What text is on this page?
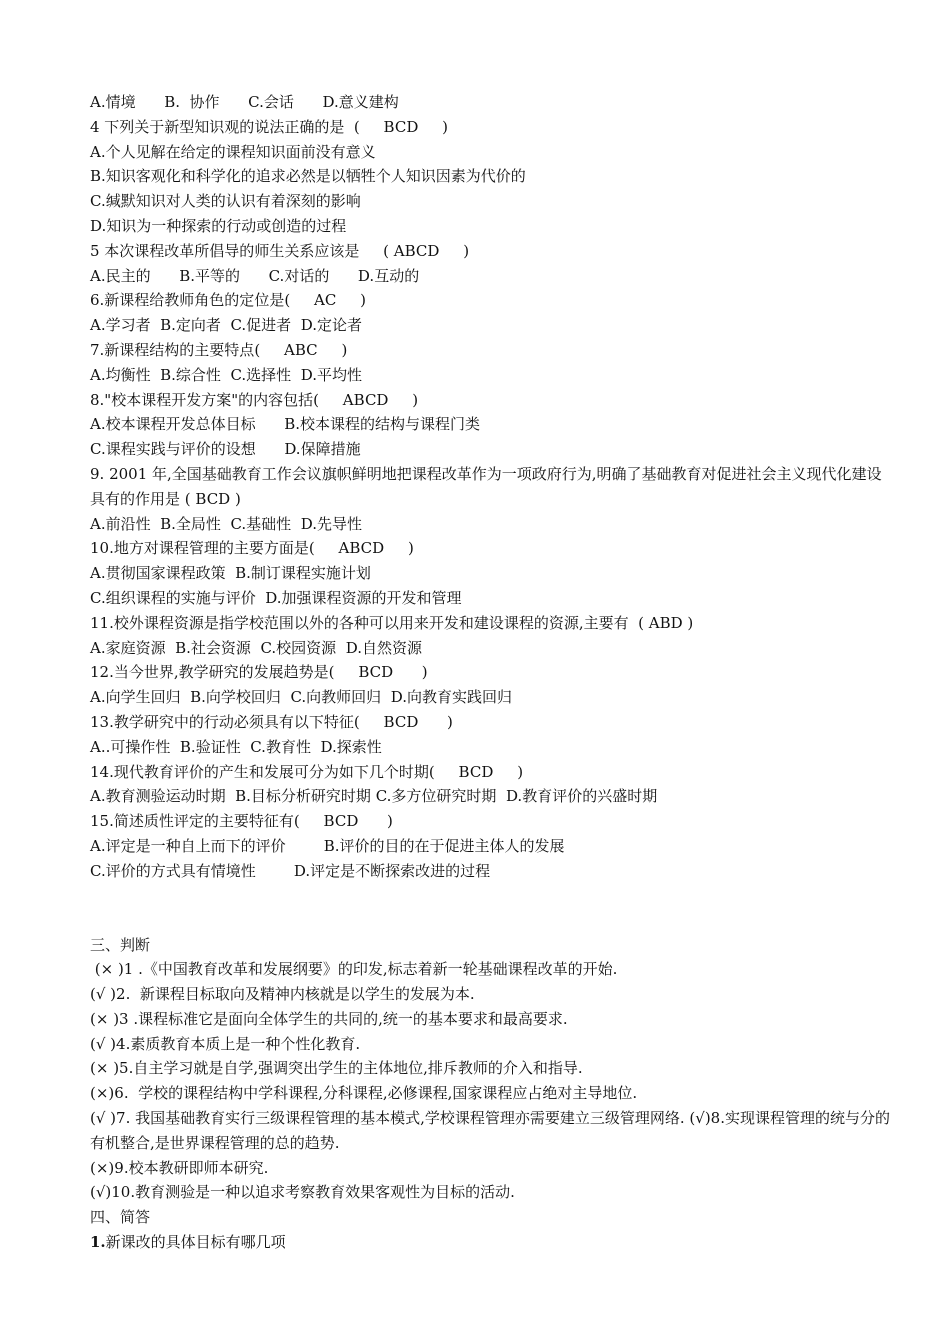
A.情境      B.  协作      C.会话      D.意义建构

4 下列关于新型知识观的说法正确的是  (     BCD     )

A.个人见解在给定的课程知识面前没有意义

B.知识客观化和科学化的追求必然是以牺牲个人知识因素为代价的

C.缄默知识对人类的认识有着深刻的影响

D.知识为一种探索的行动或创造的过程

5 本次课程改革所倡导的师生关系应该是     ( ABCD     )

A.民主的      B.平等的      C.对话的      D.互动的

6.新课程给教师角色的定位是(     AC     )

A.学习者  B.定向者  C.促进者  D.定论者

7.新课程结构的主要特点(     ABC     )

A.均衡性  B.综合性  C.选择性  D.平均性

8."校本课程开发方案"的内容包括(     ABCD     )

A.校本课程开发总体目标      B.校本课程的结构与课程门类

C.课程实践与评价的设想      D.保障措施

9. 2001 年,全国基础教育工作会议旗帜鲜明地把课程改革作为一项政府行为,明确了基础教育对促进社会主义现代化建设具有的作用是 ( BCD )

A.前沿性  B.全局性  C.基础性  D.先导性

10.地方对课程管理的主要方面是(     ABCD     )

A.贯彻国家课程政策  B.制订课程实施计划

C.组织课程的实施与评价  D.加强课程资源的开发和管理

11.校外课程资源是指学校范围以外的各种可以用来开发和建设课程的资源,主要有  ( ABD )

A.家庭资源  B.社会资源  C.校园资源  D.自然资源

12.当今世界,教学研究的发展趋势是(     BCD      )

A.向学生回归  B.向学校回归  C.向教师回归  D.向教育实践回归

13.教学研究中的行动必须具有以下特征(     BCD      )

A..可操作性  B.验证性  C.教育性  D.探索性

14.现代教育评价的产生和发展可分为如下几个时期(     BCD     )

A.教育测验运动时期  B.目标分析研究时期 C.多方位研究时期  D.教育评价的兴盛时期

15.简述质性评定的主要特征有(     BCD      )

A.评定是一种自上而下的评价        B.评价的目的在于促进主体人的发展

C.评价的方式具有情境性        D.评定是不断探索改进的过程

三、判断

(× )1 .《中国教育改革和发展纲要》的印发,标志着新一轮基础课程改革的开始.

(√ )2.  新课程目标取向及精神内核就是以学生的发展为本.

(× )3 .课程标准它是面向全体学生的共同的,统一的基本要求和最高要求.

(√ )4.素质教育本质上是一种个性化教育.

(× )5.自主学习就是自学,强调突出学生的主体地位,排斥教师的介入和指导.

(×)6.  学校的课程结构中学科课程,分科课程,必修课程,国家课程应占绝对主导地位.

(√ )7. 我国基础教育实行三级课程管理的基本模式,学校课程管理亦需要建立三级管理网络. (√)8.实现课程管理的统与分的有机整合,是世界课程管理的总的趋势.

(×)9.校本教研即师本研究.

(√)10.教育测验是一种以追求考察教育效果客观性为目标的活动.

四、简答

1.新课改的具体目标有哪几项
